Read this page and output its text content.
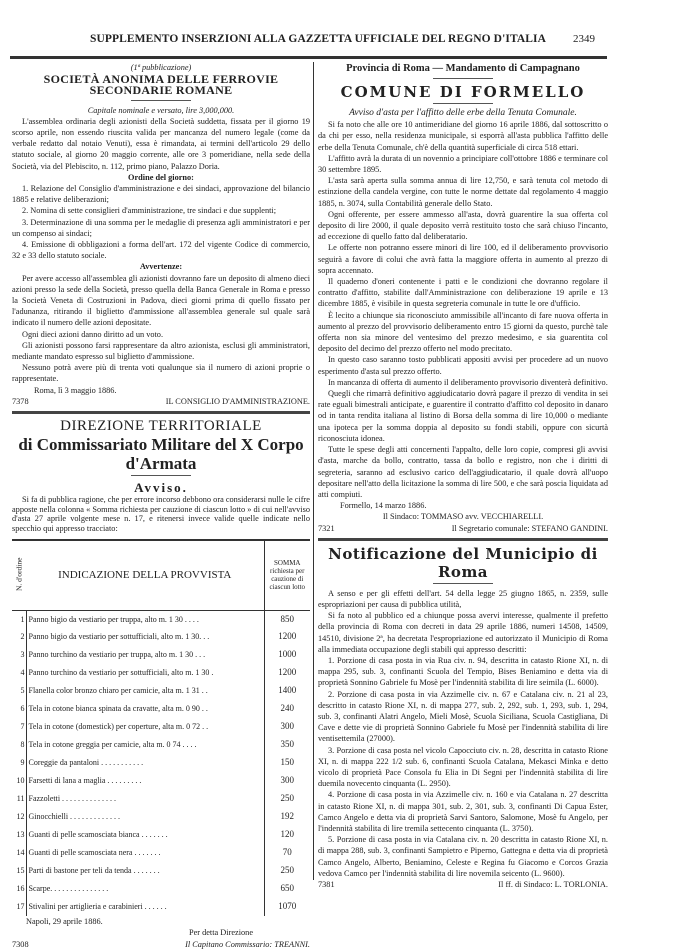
SUPPLEMENTO INSERZIONI ALLA GAZZETTA UFFICIALE DEL REGNO D'ITALIA	2349

(1ª pubblicazione)

SOCIETÀ ANONIMA DELLE FERROVIE SECONDARIE ROMANE

Capitale nominale e versato, lire 3,000,000.

L'assemblea ordinaria degli azionisti della Società suddetta, fissata per il giorno 19 scorso aprile, non essendo riuscita valida per mancanza del numero legale (come da verbale redatto dal notaio Venuti), essa è rimandata, ai termini dell'articolo 29 dello statuto sociale, al giorno 20 maggio corrente, alle ore 3 pomeridiane, nella sede della Società, via del Plebiscito, n. 112, primo piano, Palazzo Doria.

Ordine del giorno:

1. Relazione del Consiglio d'amministrazione e dei sindaci, approvazione del bilancio 1885 e relative deliberazioni;

2. Nomina di sette consiglieri d'amministrazione, tre sindaci e due supplenti;

3. Determinazione di una somma per le medaglie di presenza agli amministratori e per un compenso ai sindaci;

4. Emissione di obbligazioni a forma dell'art. 172 del vigente Codice di commercio, 32 e 33 dello statuto sociale.

Avvertenze:

Per avere accesso all'assemblea gli azionisti dovranno fare un deposito di almeno dieci azioni presso la sede della Società, presso quella della Banca Generale in Roma e presso la Società Veneta di Costruzioni in Padova, dieci giorni prima di quello fissato per l'adunanza, ritirando il biglietto d'ammissione all'assemblea generale sul quale sarà indicato il numero delle azioni depositate.

Ogni dieci azioni danno diritto ad un voto.

Gli azionisti possono farsi rappresentare da altro azionista, esclusi gli amministratori, mediante mandato espresso sul biglietto d'ammissione.

Nessuno potrà avere più di trenta voti qualunque sia il numero di azioni proprie o rappresentate.

Roma, lì 3 maggio 1886.

7378	IL CONSIGLIO D'AMMINISTRAZIONE.
DIREZIONE TERRITORIALE
di Commissariato Militare del X Corpo d'Armata
Avviso.

Si fa di pubblica ragione, che per errore incorso debbono ora considerarsi nulle le cifre apposte nella colonna « Somma richiesta per cauzione di ciascun lotto » di cui nell'avviso d'asta 27 aprile volgente mese n. 17, e ritenersi invece valide quelle indicate nello specchio qui appresso tracciato:

N. d'ordine	INDICAZIONE DELLA PROVVISTA	SOMMA richiesta per cauzione di ciascun lotto
1	Panno bigio da vestiario per truppa, alto m. 1 30 . . . .	850
2	Panno bigio da vestiario per sottufficiali, alto m. 1 30. . .	1200
3	Panno turchino da vestiario per truppa, alto m. 1 30 . . .	1000
4	Panno turchino da vestiario per sottufficiali, alto m. 1 30 .	1200
5	Flanella color bronzo chiaro per camicie, alta m. 1 31 . .	1400
6	Tela in cotone bianca spinata da cravatte, alta m. 0 90 . .	240
7	Tela in cotone (domestick) per coperture, alta m. 0 72 . .	300
8	Tela in cotone greggia per camicie, alta m. 0 74 . . . .	350
9	Coreggie da pantaloni . . . . . . . . . . .	150
10	Farsetti di lana a maglia . . . . . . . . .	300
11	Fazzoletti . . . . . . . . . . . . . .	250
12	Ginocchielli . . . . . . . . . . . . .	192
13	Guanti di pelle scamosciata bianca . . . . . . .	120
14	Guanti di pelle scamosciata nera . . . . . . .	70
15	Parti di bastone per teli da tenda . . . . . . .	250
16	Scarpe. . . . . . . . . . . . . . .	650
17	Stivalini per artiglieria e carabinieri . . . . . .	1070

Napoli, 29 aprile 1886.

Per detta Direzione

7308	Il Capitano Commissario: TREANNI.
Provincia di Roma — Mandamento di Campagnano
COMUNE DI FORMELLO

Avviso d'asta per l'affitto delle erbe della Tenuta Comunale.

Si fa noto che alle ore 10 antimeridiane del giorno 16 aprile 1886, dal sottoscritto o da chi per esso, nella residenza municipale, si esporrà all'asta pubblica l'affitto delle erbe della Tenuta Comunale, ch'è della quantità superficiale di circa 518 ettari.

L'affitto avrà la durata di un novennio a principiare coll'ottobre 1886 e terminare col 30 settembre 1895.

L'asta sarà aperta sulla somma annua di lire 12,750, e sarà tenuta col metodo di estinzione della candela vergine, con tutte le norme dettate dal regolamento 4 maggio 1885, n. 3074, sulla Contabilità generale dello Stato.

Ogni offerente, per essere ammesso all'asta, dovrà guarentire la sua offerta col deposito di lire 2000, il quale deposito verrà restituito tosto che sarà chiuso l'incanto, ad eccezione di quello fatto dal deliberatario.

Le offerte non potranno essere minori di lire 100, ed il deliberamento provvisorio seguirà a favore di colui che avrà fatta la maggiore offerta in aumento al prezzo di sopra accennato.

Il quaderno d'oneri contenente i patti e le condizioni che dovranno regolare il contratto d'affitto, stabilite dall'Amministrazione con deliberazione 19 aprile e 13 dicembre 1885, è visibile in questa segreteria comunale in tutte le ore d'ufficio.

È lecito a chiunque sia riconosciuto ammissibile all'incanto di fare nuova offerta in aumento al prezzo del provvisorio deliberamento entro 15 giorni da questo, purchè tale offerta non sia minore del ventesimo del prezzo medesimo, e sia guarentita col deposito del decimo del prezzo offerto nel modo precitato.

In questo caso saranno tosto pubblicati appositi avvisi per procedere ad un nuovo esperimento d'asta sul prezzo offerto.

In mancanza di offerta di aumento il deliberamento provvisorio diventerà definitivo.

Quegli che rimarrà definitivo aggiudicatario dovrà pagare il prezzo di vendita in sei rate eguali bimestrali anticipate, e guarentire il contratto d'affitto col deposito in danaro od in tanta rendita italiana al listino di Borsa della somma di lire 10,000 o mediante una ipoteca per la somma doppia al deposito su fondi stabili, oppure con sicurtà riconosciuta idonea.

Tutte le spese degli atti concernenti l'appalto, delle loro copie, compresi gli avvisi d'asta, marche da bollo, contratto, tassa da bollo e registro, non che i diritti di segreteria, saranno ad esclusivo carico dell'aggiudicatario, il quale dovrà all'uopo depositare nell'atto della licitazione la somma di lire 500, e che sarà poscia liquidata ad atti compiuti.

Formello, 14 marzo 1886.

Il Sindaco: TOMMASO avv. VECCHIARELLI.

7321	Il Segretario comunale: STEFANO GANDINI.
Notificazione del Municipio di Roma

A senso e per gli effetti dell'art. 54 della legge 25 giugno 1865, n. 2359, sulle espropriazioni per causa di pubblica utilità,

Si fa noto al pubblico ed a chiunque possa avervi interesse, qualmente il prefetto della provincia di Roma con decreti in data 29 aprile 1886, numeri 14508, 14509, 14510, divisione 2ª, ha decretata l'espropriazione ed autorizzato il Municipio di Roma alla immediata occupazione degli stabili qui appresso descritti:

1. Porzione di casa posta in via Rua civ. n. 94, descritta in catasto Rione XI, n. di mappa 295, sub. 3, confinanti Scuola del Tempio, Bises Beniamino e detta via di proprietà Sonnino Gabriele fu Mosè per l'indennità stabilita di lire seimila (L. 6000).

2. Porzione di casa posta in via Azzimelle civ. n. 67 e Catalana civ. n. 21 al 23, descritto in catasto Rione XI, n. di mappa 277, sub. 2, 292, sub. 1, 293, sub. 1, 294, sub. 3, confinanti Alatri Angelo, Mieli Mosè, Scuola Siciliana, Scuola Castigliana, Di Cave e dette vie di proprietà Sonnino Gabriele fu Mosè per l'indennità stabilita di lire ventisettemila (27000).

3. Porzione di casa posta nel vicolo Capocciuto civ. n. 28, descritta in catasto Rione XI, n. di mappa 222 1/2 sub. 6, confinanti Scuola Catalana, Mekasci Minka e detto vicolo di proprietà Pace Consola fu Elia in Di Segni per l'indennità stabilita di lire duemila novecento cinquanta (L. 2950).

4. Porzione di casa posta in via Azzimelle civ. n. 160 e via Catalana n. 27 descritta in catasto Rione XI, n. di mappa 301, sub. 2, 301, sub. 3, confinanti Di Capua Ester, Camco Angelo e detta via di proprietà Sarvi Santoro, Salomone, Mosè fu Angelo, per l'indennità stabilita di lire tremila settecento cinquanta (L. 3750).

5. Porzione di casa posta in via Catalana civ. n. 20 descritta in catasto Rione XI, n. di mappa 288, sub. 3, confinanti Sampietro e Piperno, Gattegna e detta via di proprietà Camco Angelo, Alberto, Beniamino, Celeste e Regina fu Giacomo e Corcos Grazia vedova Camco per l'indennità stabilita di lire novemila seicento (L. 9600).

7381	Il ff. di Sindaco: L. TORLONIA.
